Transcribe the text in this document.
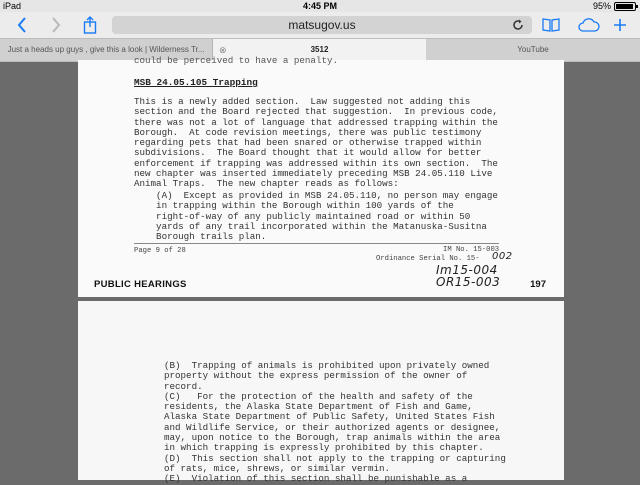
iPad	4:45 PM	95%
matsugov.us
Just a heads up guys , give this a look | Wilderness Tr...	⊗	3512	YouTube
could be perceived to have a penalty.
MSB 24.05.105 Trapping
This is a newly added section.  Law suggested not adding this
section and the Board rejected that suggestion.  In previous code,
there was not a lot of language that addressed trapping within the
Borough.  At code revision meetings, there was public testimony
regarding pets that had been snared or otherwise trapped within
subdivisions.  The Board thought that it would allow for better
enforcement if trapping was addressed within its own section.  The
new chapter was inserted immediately preceding MSB 24.05.110 Live
Animal Traps.  The new chapter reads as follows:
(A)  Except as provided in MSB 24.05.110, no person may engage
in trapping within the Borough within 100 yards of the
right-of-way of any publicly maintained road or within 50
yards of any trail incorporated within the Matanuska-Susitna
Borough trails plan.
Page 9 of 28	IM No. 15-003
Ordinance Serial No. 15- 002
Im15-004
OR15-003
PUBLIC HEARINGS	197
(B)  Trapping of animals is prohibited upon privately owned
property without the express permission of the owner of
record.
(C)   For the protection of the health and safety of the
residents, the Alaska State Department of Fish and Game,
Alaska State Department of Public Safety, United States Fish
and Wildlife Service, or their authorized agents or designee,
may, upon notice to the Borough, trap animals within the area
in which trapping is expressly prohibited by this chapter.
(D)  This section shall not apply to the trapping or capturing
of rats, mice, shrews, or similar vermin.
(E)  Violation of this section shall be punishable as a
